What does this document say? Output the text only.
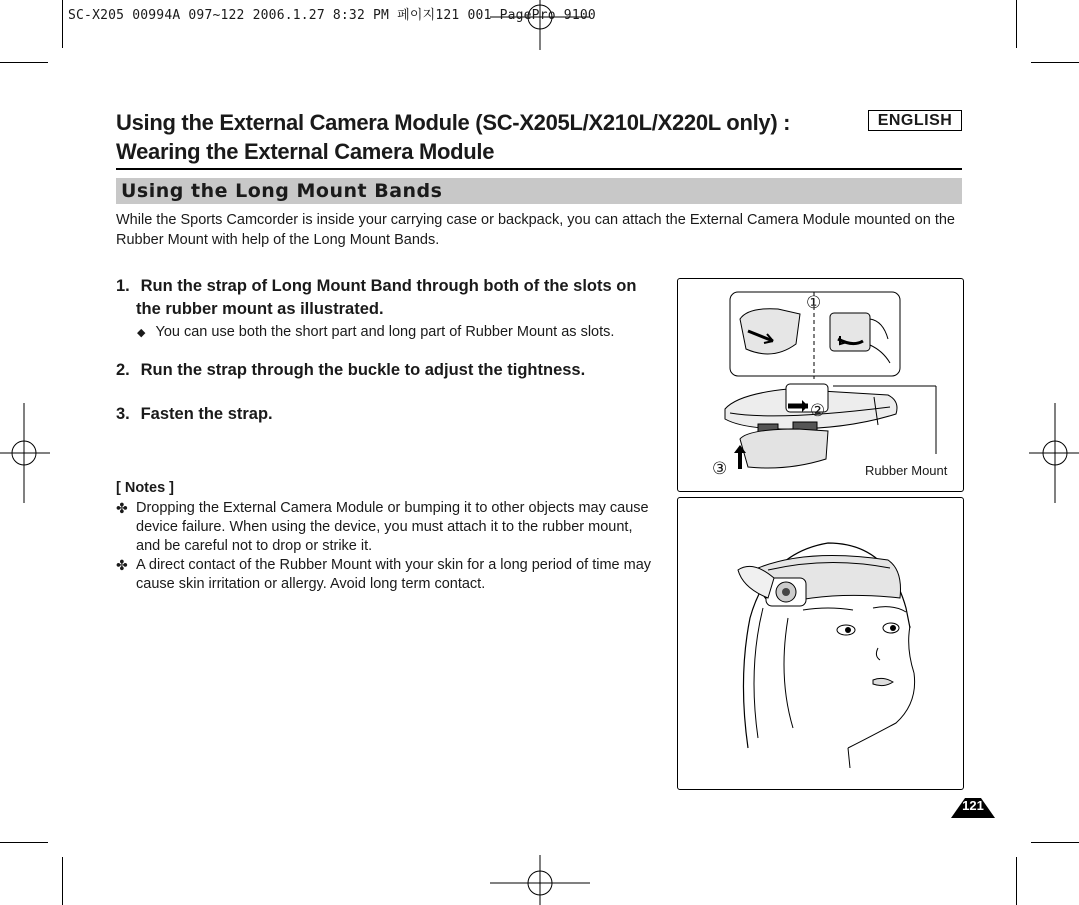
SC-X205 00994A 097~122 2006.1.27 8:32 PM 페이지121 001 PagePro 9100
Using the External Camera Module (SC-X205L/X210L/X220L only) :
Wearing the External Camera Module
ENGLISH
Using the Long Mount Bands
While the Sports Camcorder is inside your carrying case or backpack, you can attach the External Camera Module mounted on the Rubber Mount with help of the Long Mount Bands.
1. Run the strap of Long Mount Band through both of the slots on
the rubber mount as illustrated.
◆ You can use both the short part and long part of Rubber Mount as slots.
2. Run the strap through the buckle to adjust the tightness.
3. Fasten the strap.
[ Notes ]
✤ Dropping the External Camera Module or bumping it to other objects may cause device failure. When using the device, you must attach it to the rubber mount, and be careful not to drop or strike it.
✤ A direct contact of the Rubber Mount with your skin for a long period of time may cause skin irritation or allergy. Avoid long term contact.
①
②
③	Rubber Mount
121
